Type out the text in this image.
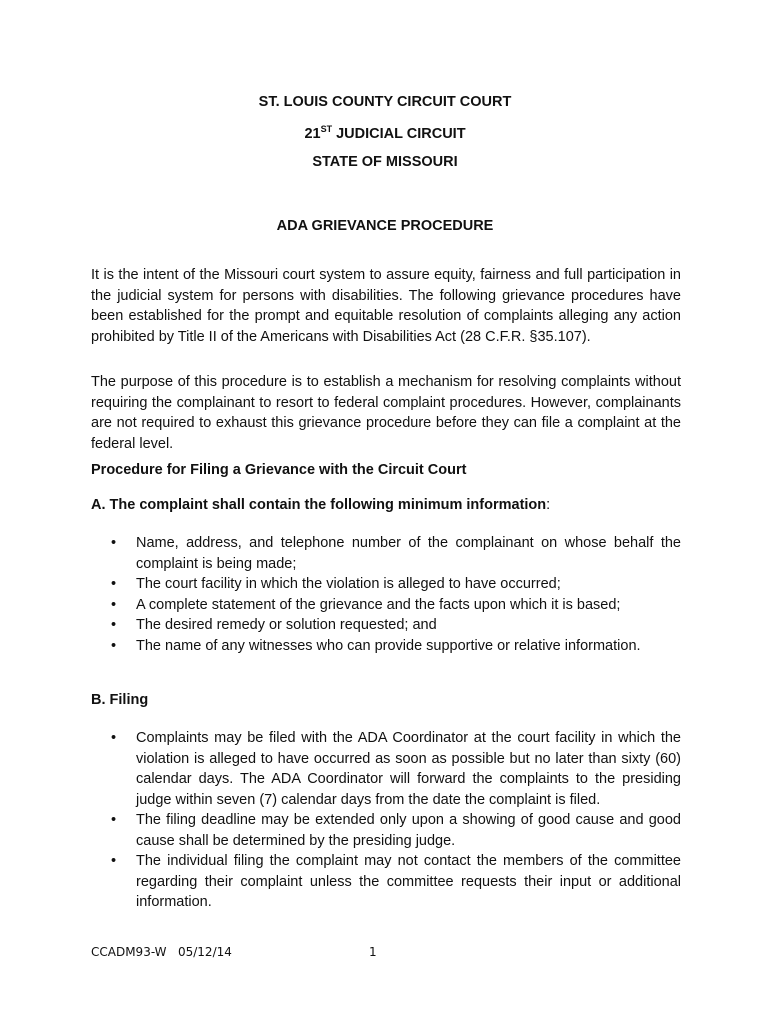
ST. LOUIS COUNTY CIRCUIT COURT
21ST JUDICIAL CIRCUIT
STATE OF MISSOURI
ADA GRIEVANCE PROCEDURE

It is the intent of the Missouri court system to assure equity, fairness and full participation in the judicial system for persons with disabilities. The following grievance procedures have been established for the prompt and equitable resolution of complaints alleging any action prohibited by Title II of the Americans with Disabilities Act (28 C.F.R. §35.107).

The purpose of this procedure is to establish a mechanism for resolving complaints without requiring the complainant to resort to federal complaint procedures. However, complainants are not required to exhaust this grievance procedure before they can file a complaint at the federal level.

Procedure for Filing a Grievance with the Circuit Court

A. The complaint shall contain the following minimum information:

• Name, address, and telephone number of the complainant on whose behalf the complaint is being made;
• The court facility in which the violation is alleged to have occurred;
• A complete statement of the grievance and the facts upon which it is based;
• The desired remedy or solution requested; and
• The name of any witnesses who can provide supportive or relative information.

B. Filing

• Complaints may be filed with the ADA Coordinator at the court facility in which the violation is alleged to have occurred as soon as possible but no later than sixty (60) calendar days. The ADA Coordinator will forward the complaints to the presiding judge within seven (7) calendar days from the date the complaint is filed.
• The filing deadline may be extended only upon a showing of good cause and good cause shall be determined by the presiding judge.
• The individual filing the complaint may not contact the members of the committee regarding their complaint unless the committee requests their input or additional information.
CCADM93-W   05/12/14	1
